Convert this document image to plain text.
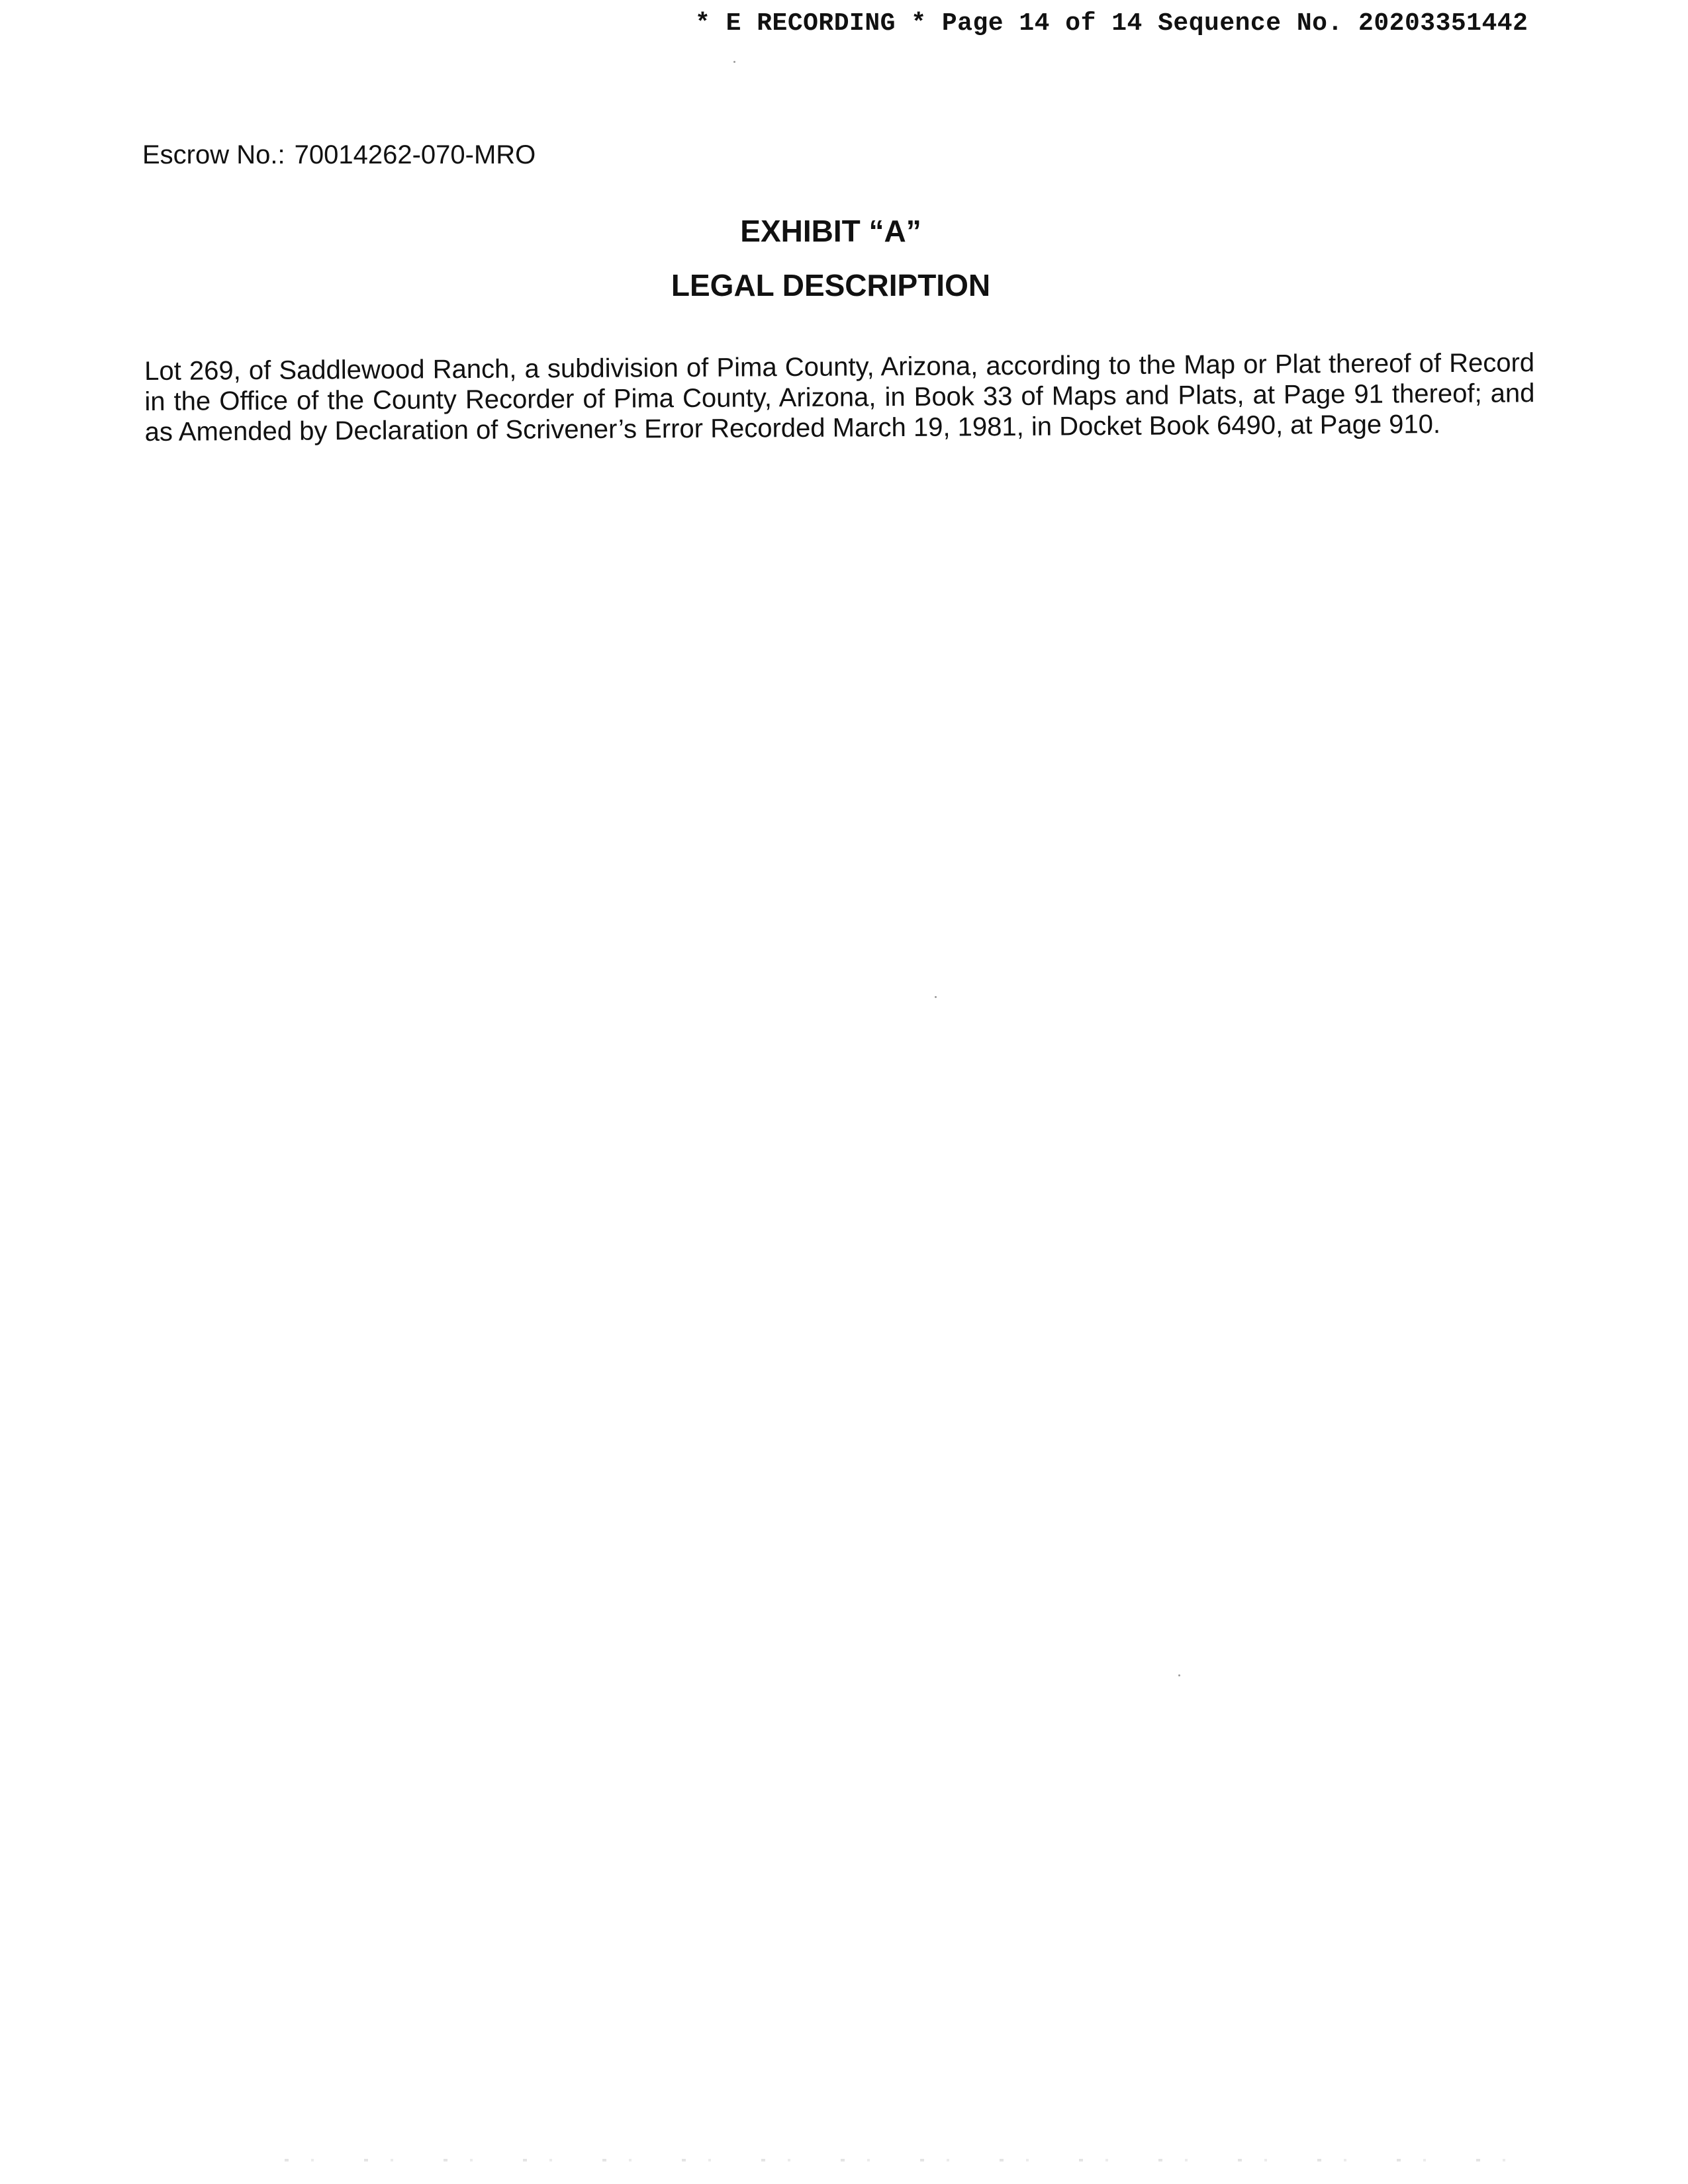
* E RECORDING * Page 14 of 14 Sequence No. 20203351442
Escrow No.: 70014262-070-MRO
EXHIBIT “A”
LEGAL DESCRIPTION
Lot 269, of Saddlewood Ranch, a subdivision of Pima County, Arizona, according to the Map or Plat thereof of Record in the Office of the County Recorder of Pima County, Arizona, in Book 33 of Maps and Plats, at Page 91 thereof; and as Amended by Declaration of Scrivener’s Error Recorded March 19, 1981, in Docket Book 6490, at Page 910.
